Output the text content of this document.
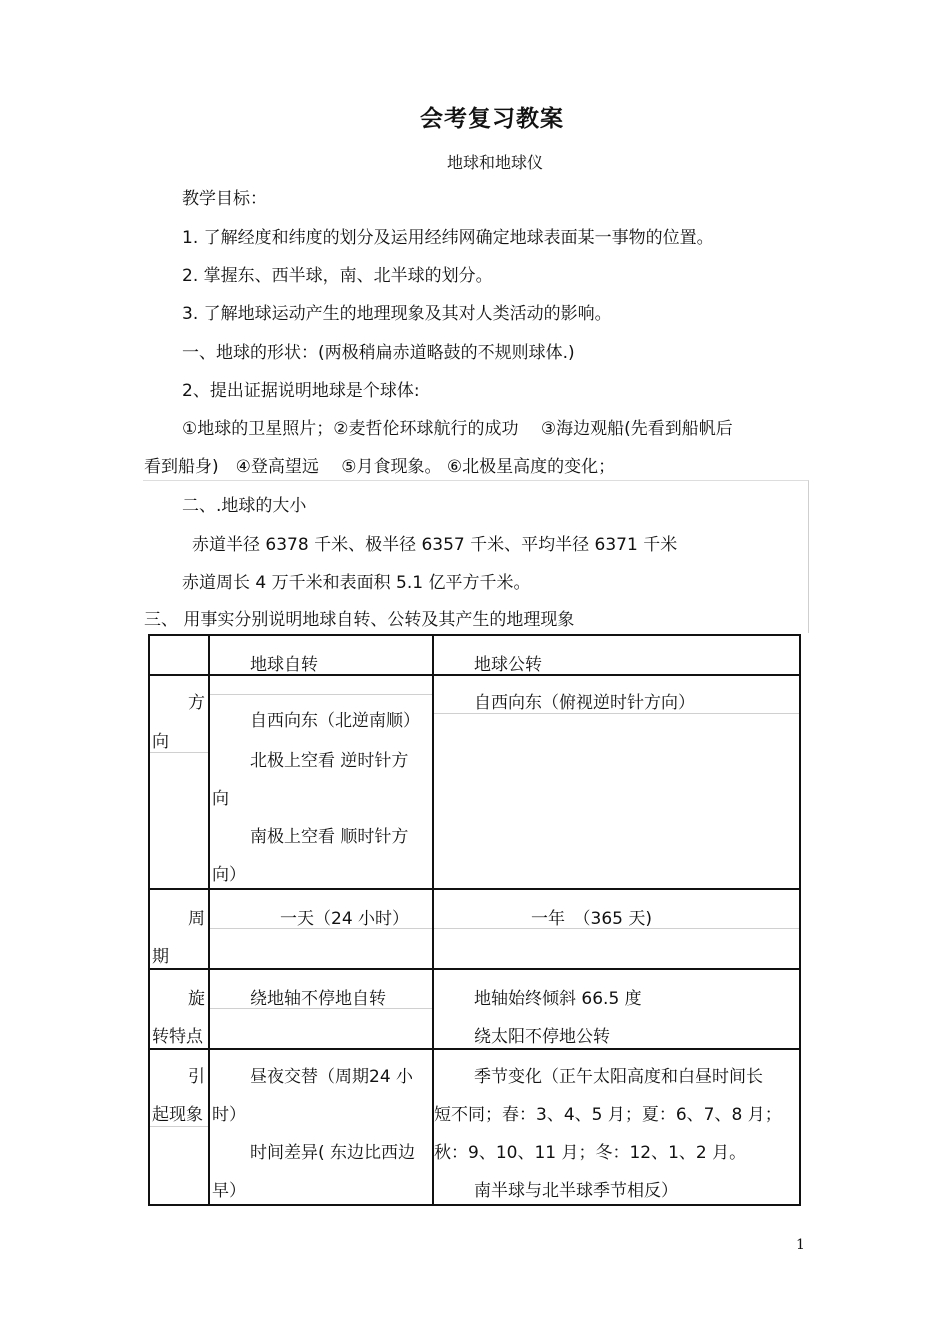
会考复习教案
地球和地球仪
教学目标：
1. 了解经度和纬度的划分及运用经纬网确定地球表面某一事物的位置。
2. 掌握东、西半球，南、北半球的划分。
3. 了解地球运动产生的地理现象及其对人类活动的影响。
一、地球的形状：(两极稍扁赤道略鼓的不规则球体.)
2、提出证据说明地球是个球体:
①地球的卫星照片；②麦哲伦环球航行的成功　 ③海边观船(先看到船帆后
看到船身)　④登高望远　 ⑤月食现象。 ⑥北极星高度的变化；
二、.地球的大小
赤道半径 6378 千米、极半径 6357 千米、平均半径 6371 千米
赤道周长 4 万千米和表面积 5.1 亿平方千米。
三、 用事实分别说明地球自转、公转及其产生的地理现象

	地球自转	地球公转

方
向	自西向东（北逆南顺）
北极上空看 逆时针方
向
南极上空看 顺时针方
向）	自西向东（俯视逆时针方向）

周
期	一天（24 小时）	一年　（365 天)

旋
转特点	绕地轴不停地自转	地轴始终倾斜 66.5 度
绕太阳不停地公转

引
起现象	昼夜交替（周期24 小
时）
时间差异( 东边比西边
早）	季节变化（正午太阳高度和白昼时间长
短不同；春：3、4、5 月；夏：6、7、8 月；
秋：9、10、11 月；冬：12、1、2 月。
南半球与北半球季节相反）
1
